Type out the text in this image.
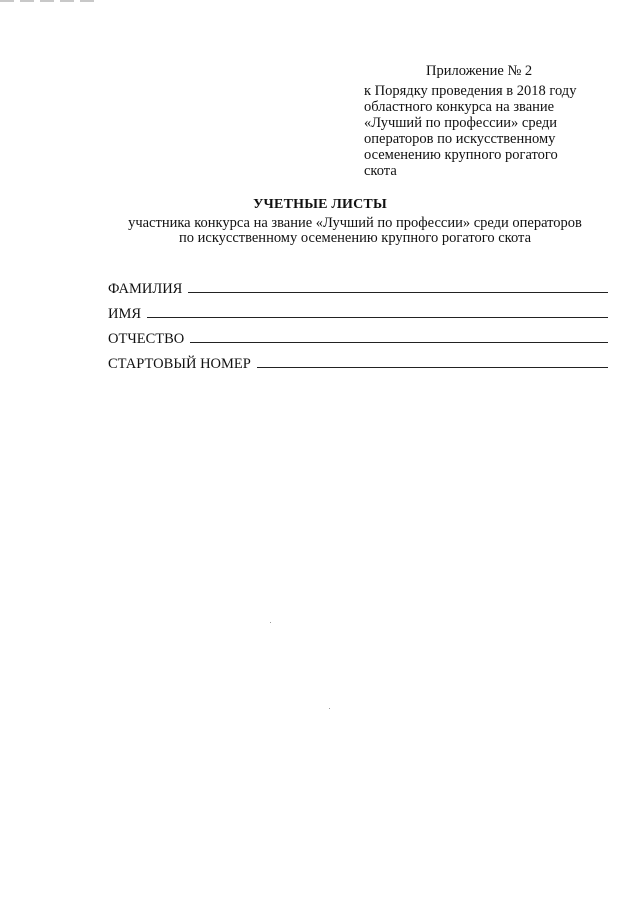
Приложение № 2
к Порядку проведения в 2018 году
областного конкурса на звание
«Лучший по профессии» среди
операторов по искусственному
осеменению крупного рогатого
скота
УЧЕТНЫЕ ЛИСТЫ
участника конкурса на звание «Лучший по профессии» среди операторов
по искусственному осеменению крупного рогатого скота
ФАМИЛИЯ
ИМЯ
ОТЧЕСТВО
СТАРТОВЫЙ НОМЕР
